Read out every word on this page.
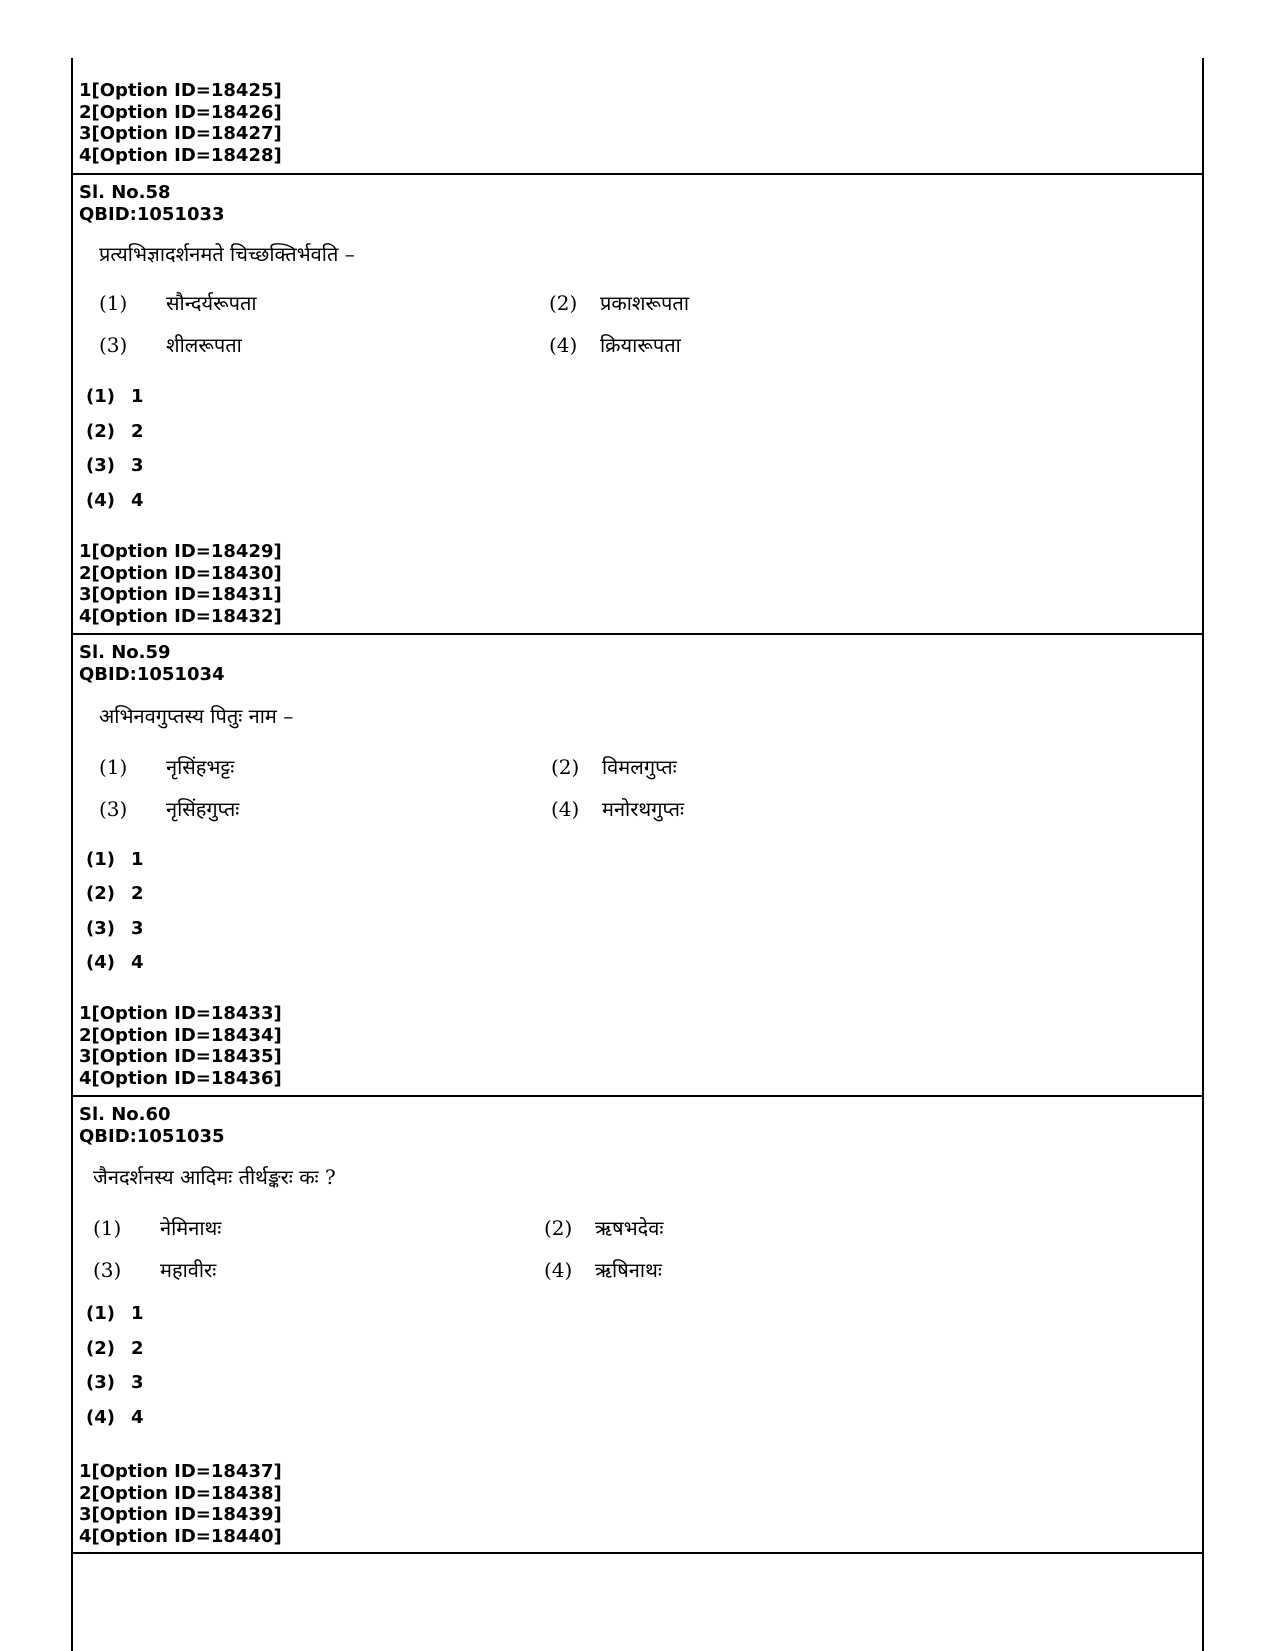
1[Option ID=18425]
2[Option ID=18426]
3[Option ID=18427]
4[Option ID=18428]
Sl. No.58
QBID:1051033
प्रत्यभिज्ञादर्शनमते चिच्छक्तिर्भवति –
(1) सौन्दर्यरूपता	(2) प्रकाशरूपता
(3) शीलरूपता	(4) क्रियारूपता
(1) 1
(2) 2
(3) 3
(4) 4
1[Option ID=18429]
2[Option ID=18430]
3[Option ID=18431]
4[Option ID=18432]
Sl. No.59
QBID:1051034
अभिनवगुप्तस्य पितुः नाम –
(1) नृसिंहभट्टः	(2) विमलगुप्तः
(3) नृसिंहगुप्तः	(4) मनोरथगुप्तः
(1) 1
(2) 2
(3) 3
(4) 4
1[Option ID=18433]
2[Option ID=18434]
3[Option ID=18435]
4[Option ID=18436]
Sl. No.60
QBID:1051035
जैनदर्शनस्य आदिमः तीर्थङ्करः कः ?
(1) नेमिनाथः	(2) ऋषभदेवः
(3) महावीरः	(4) ऋषिनाथः
(1) 1
(2) 2
(3) 3
(4) 4
1[Option ID=18437]
2[Option ID=18438]
3[Option ID=18439]
4[Option ID=18440]
